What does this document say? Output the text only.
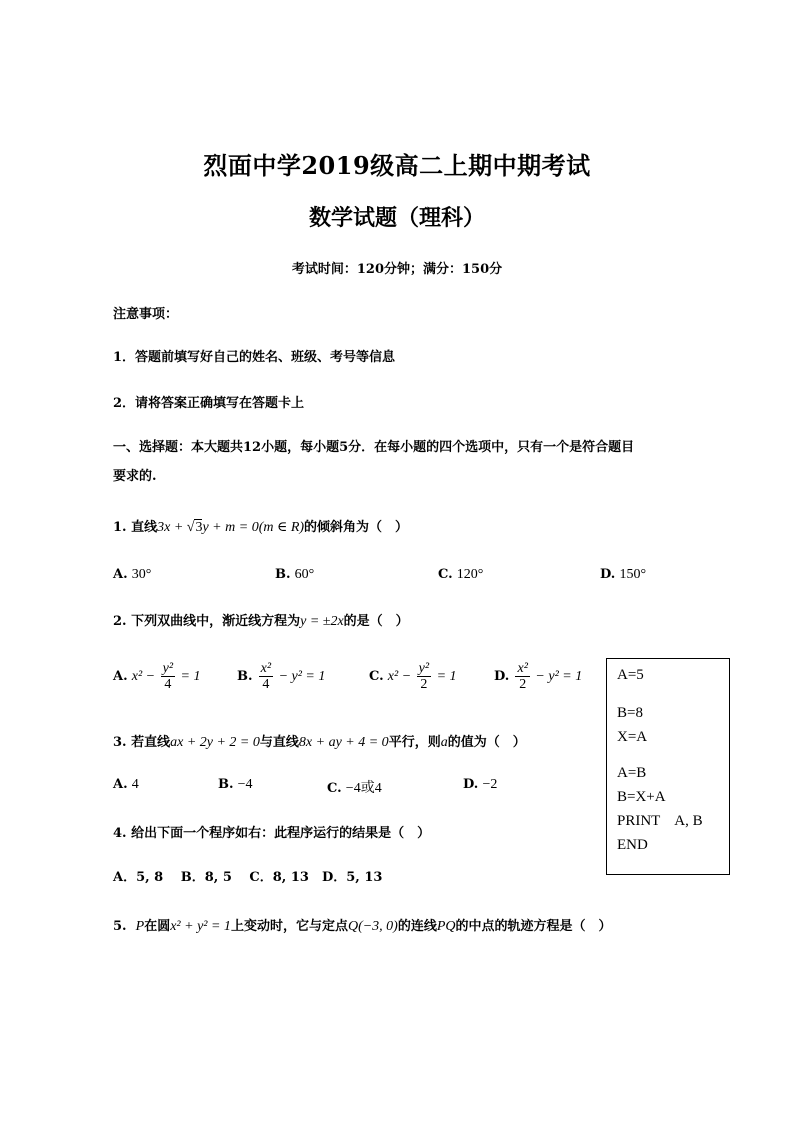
烈面中学2019级高二上期中期考试
数学试题（理科）
考试时间：120分钟；满分：150分
注意事项：
1．答题前填写好自己的姓名、班级、考号等信息
2．请将答案正确填写在答题卡上
一、选择题：本大题共12小题，每小题5分．在每小题的四个选项中，只有一个是符合题目
要求的.
1. 直线3x + √3y + m = 0(m ∈ R)的倾斜角为（　）
A. 30°	B. 60°	C. 120°	D. 150°
2. 下列双曲线中，渐近线方程为y = ±2x的是（　）
A. $x^2 - \frac{\text{y²}}{4} = 1$	B. $\frac{\text{x²}}{4} - y^2 = 1$	C. $x^2 - \frac{\text{y²}}{2} = 1$	D. $\frac{\text{x²}}{2} - y^2 = 1$ A=5
B=8
X=A
A=B
B=X+A
PRINT    A, B
END
3. 若直线ax + 2y + 2 = 0与直线8x + ay + 4 = 0平行，则a的值为（　）
A. 4	B. −4	C. −4或4	D. −2
4. 给出下面一个程序如右：此程序运行的结果是（　）
A．5, 8　 B．8, 5　 C．8, 13　D．5, 13
5. P在圆x² + y² = 1上变动时，它与定点Q(−3, 0)的连线PQ的中点的轨迹方程是（　）
